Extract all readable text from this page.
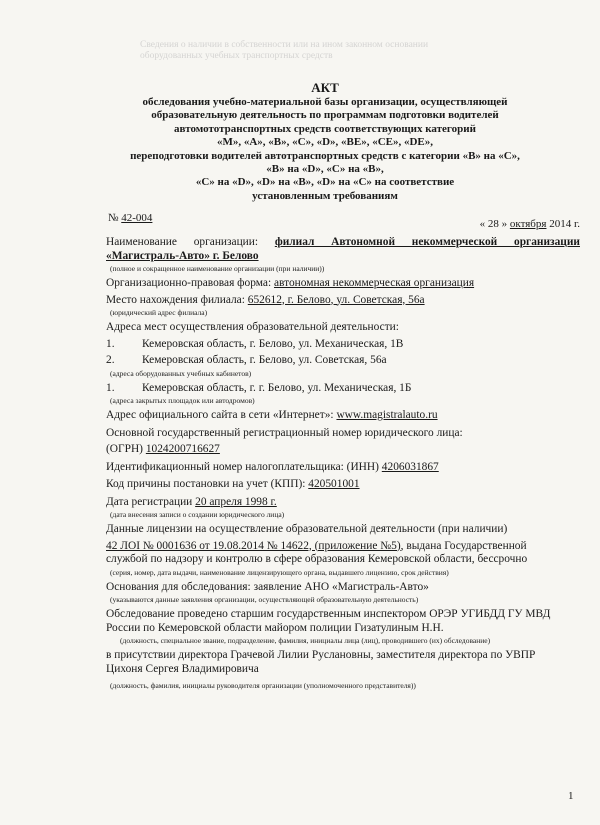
Сведения о наличии в собственности или на ином законном основании
оборудованных учебных транспортных средств
АКТ
обследования учебно-материальной базы организации, осуществляющей
образовательную деятельность по программам подготовки водителей
автомототранспортных средств соответствующих категорий
«M», «A», «B», «C», «D», «BE», «CE», «DE»,
переподготовки водителей автотранспортных средств с категории «B» на «C»,
«B» на «D», «C» на «B»,
«C» на «D», «D» на «B», «D» на «C» на соответствие
установленным требованиям
№ 42-004	« 28 » октября 2014 г.
Наименование организации: филиал Автономной некоммерческой организации
«Магистраль-Авто» г. Белово
(полное и сокращенное наименование организации (при наличии))
Организационно-правовая форма: автономная некоммерческая организация
Место нахождения филиала: 652612, г. Белово, ул. Советская, 56а
(юридический адрес филиала)
Адреса мест осуществления образовательной деятельности:
1. Кемеровская область, г. Белово, ул. Механическая, 1В
2. Кемеровская область, г. Белово, ул. Советская, 56а
(адреса оборудованных учебных кабинетов)
1. Кемеровская область, г. г. Белово, ул. Механическая, 1Б
(адреса закрытых площадок или автодромов)
Адрес официального сайта в сети «Интернет»: www.magistralauto.ru
Основной государственный регистрационный номер юридического лица:
(ОГРН) 1024200716627
Идентификационный номер налогоплательщика: (ИНН) 4206031867
Код причины постановки на учет (КПП): 420501001
Дата регистрации 20 апреля 1998 г.
(дата внесения записи о создании юридического лица)
Данные лицензии на осуществление образовательной деятельности (при наличии)
42 ЛОI № 0001636 от 19.08.2014 № 14622, (приложение №5), выдана Государственной
службой по надзору и контролю в сфере образования Кемеровской области, бессрочно
(серия, номер, дата выдачи, наименование лицензирующего органа, выдавшего лицензию, срок действия)
Основания для обследования: заявление АНО «Магистраль-Авто»
(указываются данные заявления организации, осуществляющей образовательную деятельность)
Обследование проведено старшим государственным инспектором ОРЭР УГИБДД ГУ МВД
России по Кемеровской области майором полиции Гизатулиным Н.Н.
(должность, специальное звание, подразделение, фамилия, инициалы лица (лиц), проводившего (их) обследование)
в присутствии директора Грачевой Лилии Руслановны, заместителя директора по УВПР
Цихоня Сергея Владимировича
(должность, фамилия, инициалы руководителя организации (уполномоченного представителя))
1
